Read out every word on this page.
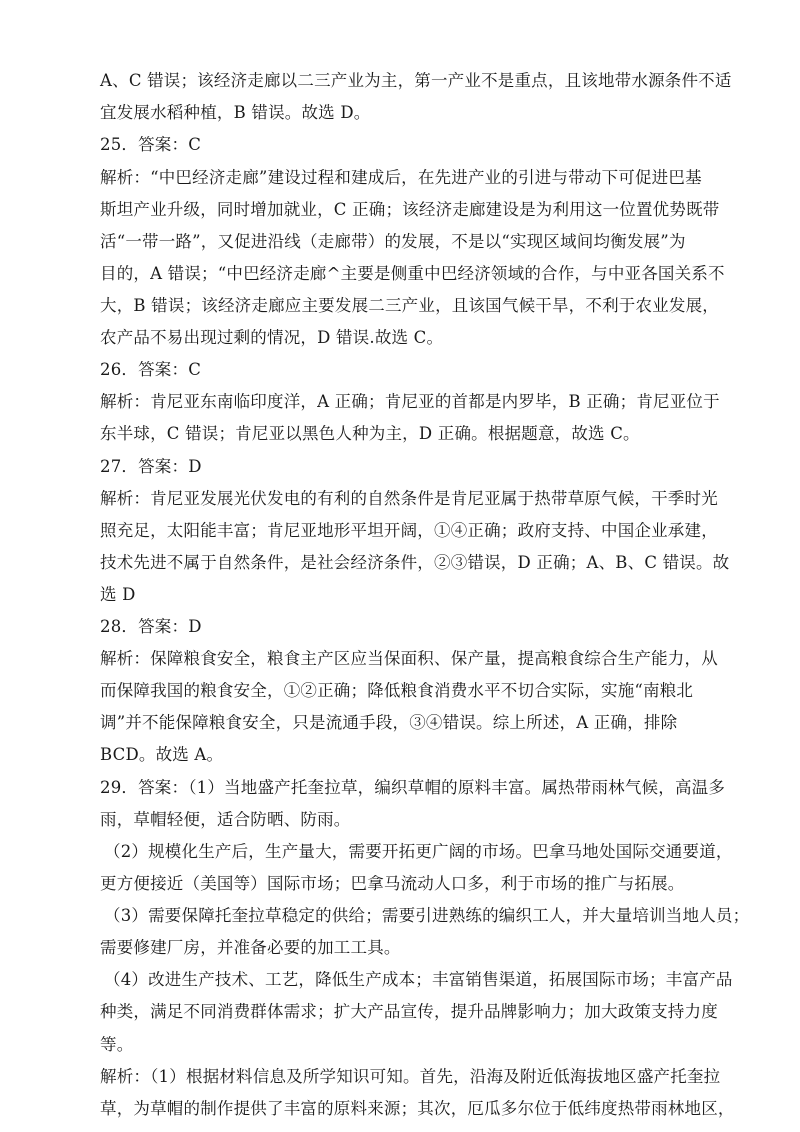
A、C 错误；该经济走廊以二三产业为主，第一产业不是重点，且该地带水源条件不适
宜发展水稻种植，B 错误。故选 D。
25．答案：C
解析：“中巴经济走廊”建设过程和建成后，在先进产业的引进与带动下可促进巴基
斯坦产业升级，同时增加就业，C 正确；该经济走廊建设是为利用这一位置优势既带
活“一带一路”，又促进沿线（走廊带）的发展，不是以“实现区域间均衡发展”为
目的，A 错误；“中巴经济走廊^主要是侧重中巴经济领域的合作，与中亚各国关系不
大，B 错误；该经济走廊应主要发展二三产业，且该国气候干旱，不利于农业发展，
农产品不易出现过剩的情况，D 错误.故选 C。
26．答案：C
解析：肯尼亚东南临印度洋，A 正确；肯尼亚的首都是内罗毕，B 正确；肯尼亚位于
东半球，C 错误；肯尼亚以黑色人种为主，D 正确。根据题意，故选 C。
27．答案：D
解析：肯尼亚发展光伏发电的有利的自然条件是肯尼亚属于热带草原气候，干季时光
照充足，太阳能丰富；肯尼亚地形平坦开阔，①④正确；政府支持、中国企业承建，
技术先进不属于自然条件，是社会经济条件，②③错误，D 正确；A、B、C 错误。故
选 D
28．答案：D
解析：保障粮食安全，粮食主产区应当保面积、保产量，提高粮食综合生产能力，从
而保障我国的粮食安全，①②正确；降低粮食消费水平不切合实际，实施“南粮北
调”并不能保障粮食安全，只是流通手段，③④错误。综上所述，A 正确，排除
BCD。故选 A。
29．答案：（1）当地盛产托奎拉草，编织草帽的原料丰富。属热带雨林气候，高温多
雨，草帽轻便，适合防晒、防雨。
（2）规模化生产后，生产量大，需要开拓更广阔的市场。巴拿马地处国际交通要道，
更方便接近（美国等）国际市场；巴拿马流动人口多，利于市场的推广与拓展。
（3）需要保障托奎拉草稳定的供给；需要引进熟练的编织工人，并大量培训当地人员；
需要修建厂房，并准备必要的加工工具。
（4）改进生产技术、工艺，降低生产成本；丰富销售渠道，拓展国际市场；丰富产品
种类，满足不同消费群体需求；扩大产品宣传，提升品牌影响力；加大政策支持力度
等。
解析：（1）根据材料信息及所学知识可知。首先，沿海及附近低海拔地区盛产托奎拉
草，为草帽的制作提供了丰富的原料来源；其次，厄瓜多尔位于低纬度热带雨林地区，
